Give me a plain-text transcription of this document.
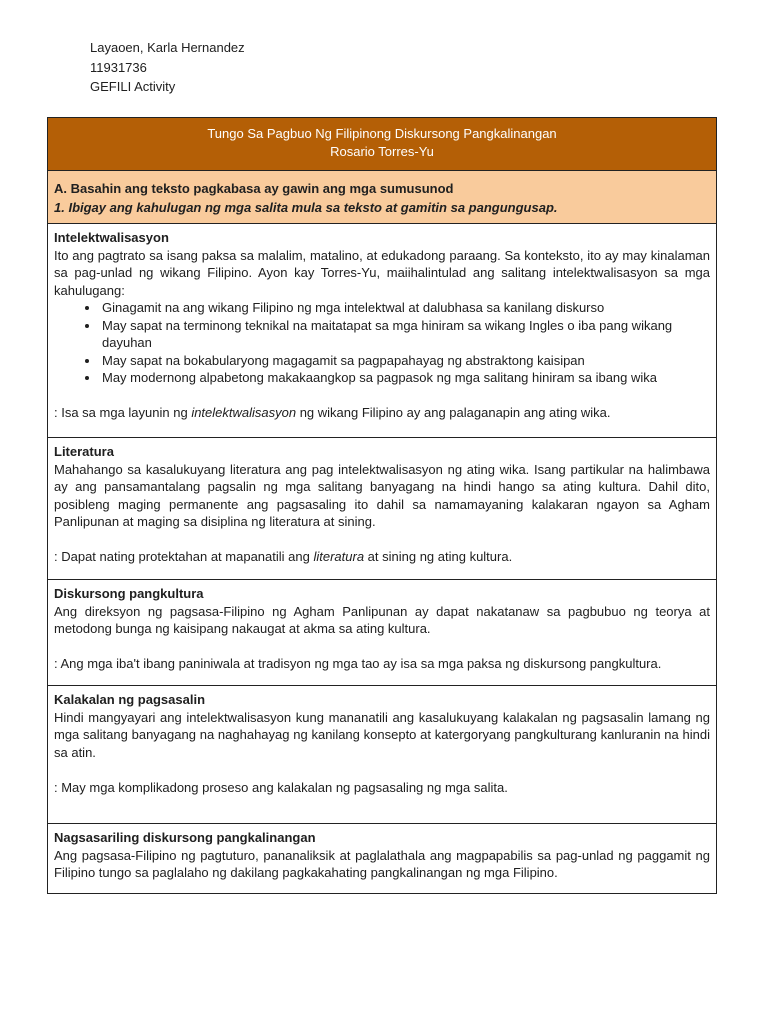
Layaoen, Karla Hernandez
11931736
GEFILI Activity
Tungo Sa Pagbuo Ng Filipinong Diskursong Pangkalinangan
Rosario Torres-Yu
A. Basahin ang teksto pagkabasa ay gawin ang mga sumusunod
1. Ibigay ang kahulugan ng mga salita mula sa teksto at gamitin sa pangungusap.
Intelektwalisasyon
Ito ang pagtrato sa isang paksa sa malalim, matalino, at edukadong paraang. Sa konteksto, ito ay may kinalaman sa pag-unlad ng wikang Filipino. Ayon kay Torres-Yu, maiihalintulad ang salitang intelektwalisasyon sa mga kahulugang:
• Ginagamit na ang wikang Filipino ng mga intelektwal at dalubhasa sa kanilang diskurso
• May sapat na terminong teknikal na maitatapat sa mga hiniram sa wikang Ingles o iba pang wikang dayuhan
• May sapat na bokabularyong magagamit sa pagpapahayag ng abstraktong kaisipan
• May modernong alpabetong makakaangkop sa pagpasok ng mga salitang hiniram sa ibang wika
: Isa sa mga layunin ng intelektwalisasyon ng wikang Filipino ay ang palaganapin ang ating wika.
Literatura
Mahahango sa kasalukuyang literatura ang pag intelektwalisasyon ng ating wika. Isang partikular na halimbawa ay ang pansamantalang pagsalin ng mga salitang banyagang na hindi hango sa ating kultura. Dahil dito, posibleng maging permanente ang pagsasaling ito dahil sa namamayaning kalakaran ngayon sa Agham Panlipunan at maging sa disiplina ng literatura at sining.
: Dapat nating protektahan at mapanatili ang literatura at sining ng ating kultura.
Diskursong pangkultura
Ang direksyon ng pagsasa-Filipino ng Agham Panlipunan ay dapat nakatanaw sa pagbubuo ng teorya at metodong bunga ng kaisipang nakaugat at akma sa ating kultura.
: Ang mga iba't ibang paniniwala at tradisyon ng mga tao ay isa sa mga paksa ng diskursong pangkultura.
Kalakalan ng pagsasalin
Hindi mangyayari ang intelektwalisasyon kung mananatili ang kasalukuyang kalakalan ng pagsasalin lamang ng mga salitang banyagang na naghahayag ng kanilang konsepto at katergoryang pangkulturang kanluranin na hindi sa atin.
: May mga komplikadong proseso ang kalakalan ng pagsasaling ng mga salita.
Nagsasariling diskursong pangkalinangan
Ang pagsasa-Filipino ng pagtuturo, pananaliksik at paglalathala ang magpapabilis sa pag-unlad ng paggamit ng Filipino tungo sa paglalaho ng dakilang pagkakahating pangkalinangan ng mga Filipino.
